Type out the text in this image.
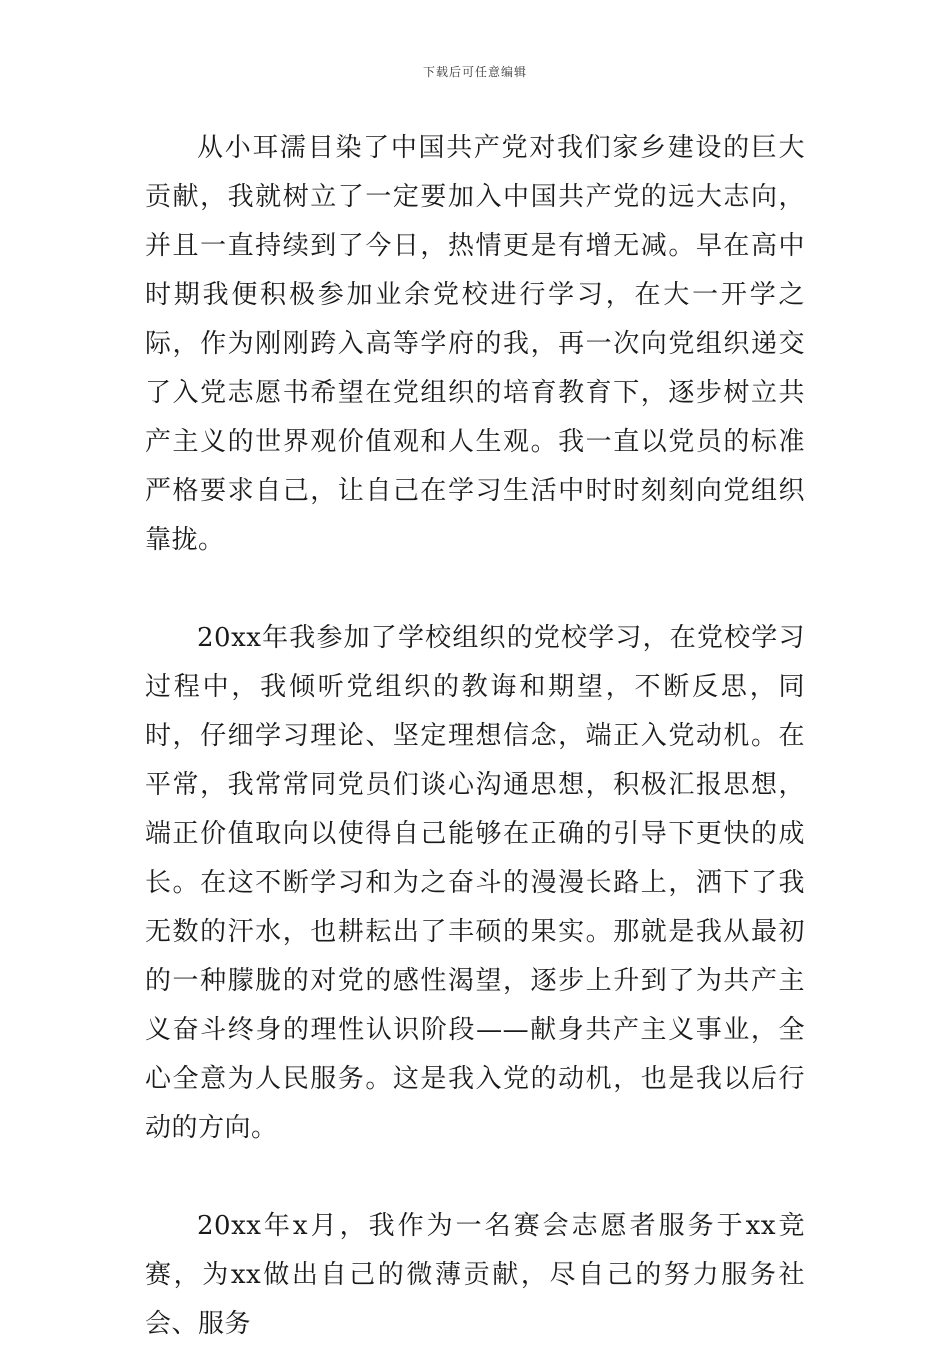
下载后可任意编辑

从小耳濡目染了中国共产党对我们家乡建设的巨大贡献，我就树立了一定要加入中国共产党的远大志向，并且一直持续到了今日，热情更是有增无减。早在高中时期我便积极参加业余党校进行学习，在大一开学之际，作为刚刚跨入高等学府的我，再一次向党组织递交了入党志愿书希望在党组织的培育教育下，逐步树立共产主义的世界观价值观和人生观。我一直以党员的标准严格要求自己，让自己在学习生活中时时刻刻向党组织靠拢。

20xx年我参加了学校组织的党校学习，在党校学习过程中，我倾听党组织的教诲和期望，不断反思，同时，仔细学习理论、坚定理想信念，端正入党动机。在平常，我常常同党员们谈心沟通思想，积极汇报思想，端正价值取向以使得自己能够在正确的引导下更快的成长。在这不断学习和为之奋斗的漫漫长路上，洒下了我无数的汗水，也耕耘出了丰硕的果实。那就是我从最初的一种朦胧的对党的感性渴望，逐步上升到了为共产主义奋斗终身的理性认识阶段——献身共产主义事业，全心全意为人民服务。这是我入党的动机，也是我以后行动的方向。

20xx年x月，我作为一名赛会志愿者服务于xx竞赛，为xx做出自己的微薄贡献，尽自己的努力服务社会、服务
